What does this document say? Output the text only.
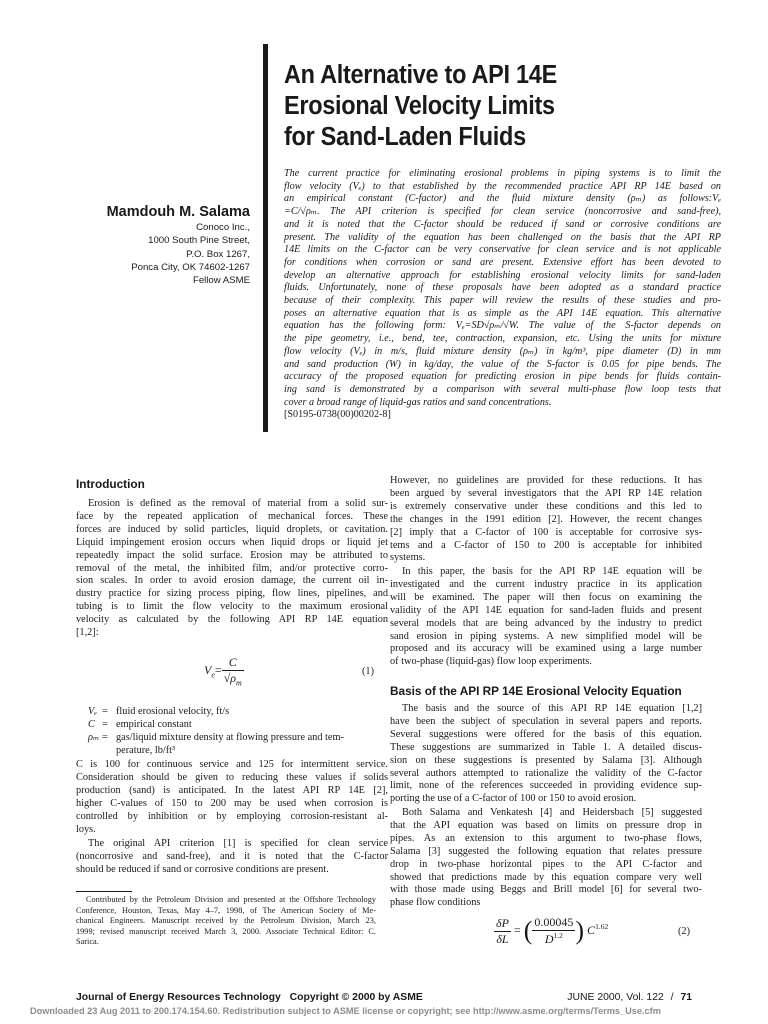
An Alternative to API 14E
Erosional Velocity Limits
for Sand-Laden Fluids
Mamdouh M. Salama
Conoco Inc.,
1000 South Pine Street,
P.O. Box 1267,
Ponca City, OK 74602-1267
Fellow ASME
The current practice for eliminating erosional problems in piping systems is to limit the
flow velocity (Vₑ) to that established by the recommended practice API RP 14E based on
an empirical constant (C-factor) and the fluid mixture density (ρₘ) as follows:Vₑ
=C/√ρₘ. The API criterion is specified for clean service (noncorrosive and sand-free),
and it is noted that the C-factor should be reduced if sand or corrosive conditions are
present. The validity of the equation has been challenged on the basis that the API RP
14E limits on the C-factor can be very conservative for clean service and is not applicable
for conditions when corrosion or sand are present. Extensive effort has been devoted to
develop an alternative approach for establishing erosional velocity limits for sand-laden
fluids. Unfortunately, none of these proposals have been adopted as a standard practice
because of their complexity. This paper will review the results of these studies and pro-
poses an alternative equation that is as simple as the API 14E equation. This alternative
equation has the following form: Vₑ=SD√ρₘ/√W. The value of the S-factor depends on
the pipe geometry, i.e., bend, tee, contraction, expansion, etc. Using the units for mixture
flow velocity (Vₑ) in m/s, fluid mixture density (ρₘ) in kg/m³, pipe diameter (D) in mm
and sand production (W) in kg/day, the value of the S-factor is 0.05 for pipe bends. The
accuracy of the proposed equation for predicting erosion in pipe bends for fluids contain-
ing sand is demonstrated by a comparison with several multi-phase flow loop tests that
cover a broad range of liquid-gas ratios and sand concentrations.
[S0195-0738(00)00202-8]
Introduction
Erosion is defined as the removal of material from a solid sur-
face by the repeated application of mechanical forces. These
forces are induced by solid particles, liquid droplets, or cavitation.
Liquid impingement erosion occurs when liquid drops or liquid jet
repeatedly impact the solid surface. Erosion may be attributed to
removal of the metal, the inhibited film, and/or protective corro-
sion scales. In order to avoid erosion damage, the current oil in-
dustry practice for sizing process piping, flow lines, pipelines, and
tubing is to limit the flow velocity to the maximum erosional
velocity as calculated by the following API RP 14E equation
[1,2]:
$V_e= \frac{C}{√\rho_m}$	(1)
Vₑ = fluid erosional velocity, ft/s
C = empirical constant
ρₘ = gas/liquid mixture density at flowing pressure and tem-
perature, lb/ft³
C is 100 for continuous service and 125 for intermittent service.
Consideration should be given to reducing these values if solids
production (sand) is anticipated. In the latest API RP 14E [2],
higher C-values of 150 to 200 may be used when corrosion is
controlled by inhibition or by employing corrosion-resistant al-
loys.
The original API criterion [1] is specified for clean service
(noncorrosive and sand-free), and it is noted that the C-factor
should be reduced if sand or corrosive conditions are present.
Contributed by the Petroleum Division and presented at the Offshore Technology
Conference, Houston, Texas, May 4–7, 1998, of The American Society of Me-
chanical Engineers. Manuscript received by the Petroleum Division, March 23,
1999; revised manuscript received March 3, 2000. Associate Technical Editor: C.
Sarica.
However, no guidelines are provided for these reductions. It has
been argued by several investigators that the API RP 14E relation
is extremely conservative under these conditions and this led to
the changes in the 1991 edition [2]. However, the recent changes
[2] imply that a C-factor of 100 is acceptable for corrosive sys-
tems and a C-factor of 150 to 200 is acceptable for inhibited
systems.
In this paper, the basis for the API RP 14E equation will be
investigated and the current industry practice in its application
will be examined. The paper will then focus on examining the
validity of the API 14E equation for sand-laden fluids and present
several models that are being advanced by the industry to predict
sand erosion in piping systems. A new simplified model will be
proposed and its accuracy will be examined using a large number
of two-phase (liquid-gas) flow loop experiments.
Basis of the API RP 14E Erosional Velocity Equation
The basis and the source of this API RP 14E equation [1,2]
have been the subject of speculation in several papers and reports.
Several suggestions were offered for the basis of this equation.
These suggestions are summarized in Table 1. A detailed discus-
sion on these suggestions is presented by Salama [3]. Although
several authors attempted to rationalize the validity of the C-factor
limit, none of the references succeeded in providing evidence sup-
porting the use of a C-factor of 100 or 150 to avoid erosion.
Both Salama and Venkatesh [4] and Heidersbach [5] suggested
that the API equation was based on limits on pressure drop in
pipes. As an extension to this argument to two-phase flows,
Salama [3] suggested the following equation that relates pressure
drop in two-phase horizontal pipes to the API C-factor and
showed that predictions made by this equation compare very well
with those made using Beggs and Brill model [6] for several two-
phase flow conditions
$\frac{\delta P}{\delta L}$ = ( $\frac{0.00045}{D^{1.2}}$ ) $C^{1.62}$	(2)
Journal of Energy Resources Technology Copyright © 2000 by ASME	JUNE 2000, Vol. 122 / 71
Downloaded 23 Aug 2011 to 200.174.154.60. Redistribution subject to ASME license or copyright; see http://www.asme.org/terms/Terms_Use.cfm
